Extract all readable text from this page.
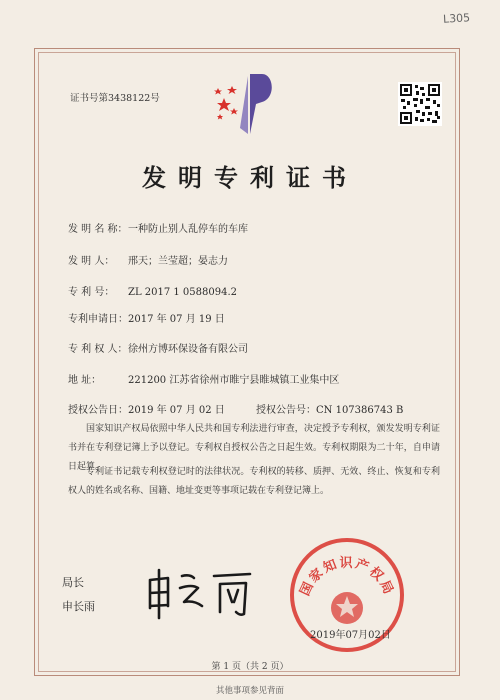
L305
证书号第3438122号
发明专利证书
发 明 名 称：一种防止别人乱停车的车库
发 明 人： 邢天；兰莹超；晏志力
专 利 号： ZL 2017 1 0588094.2
专利申请日：2017 年 07 月 19 日
专 利 权 人：徐州方博环保设备有限公司
地 址：	221200 江苏省徐州市睢宁县睢城镇工业集中区
授权公告日：2019 年 07 月 02 日	授权公告号：CN 107386743 B
国家知识产权局依照中华人民共和国专利法进行审查，决定授予专利权，颁发发明专利证书并在专利登记簿上予以登记。专利权自授权公告之日起生效。专利权期限为二十年，自申请日起算。
专利证书记载专利权登记时的法律状况。专利权的转移、质押、无效、终止、恢复和专利权人的姓名或名称、国籍、地址变更等事项记载在专利登记簿上。
局长
申长雨
国家知识产权局
2019年07月02日
第 1 页（共 2 页）
其他事项参见背面
